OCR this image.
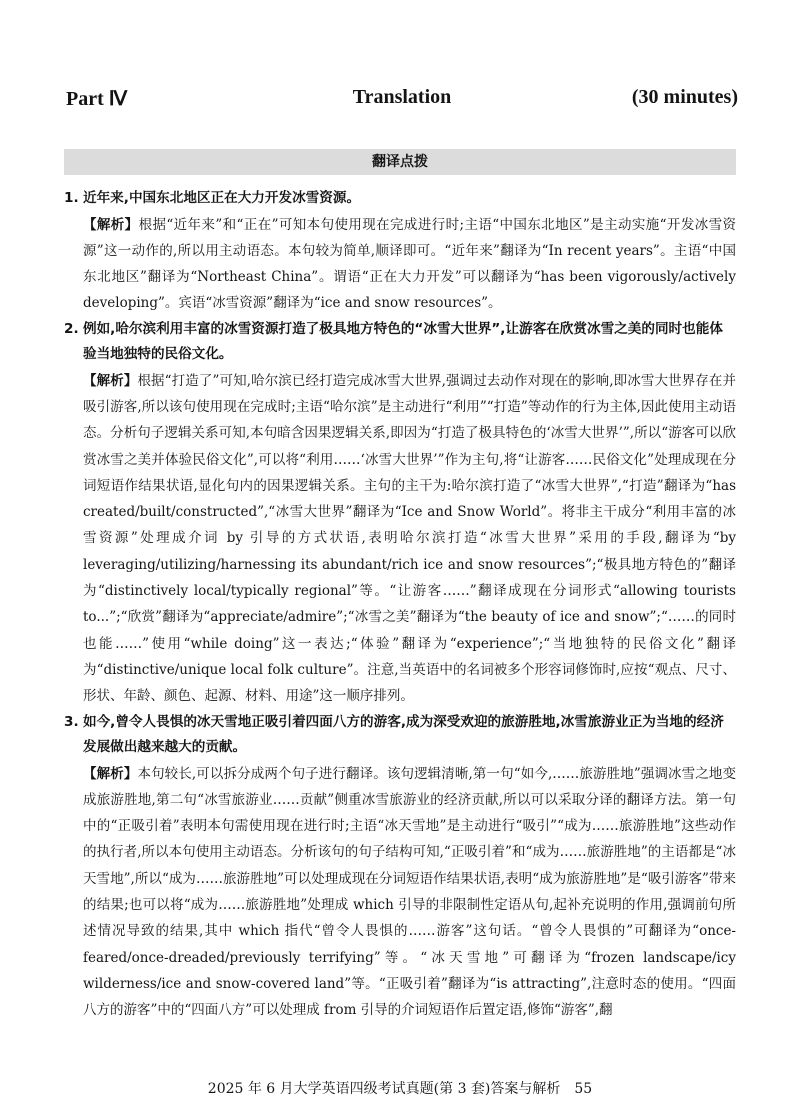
Part Ⅳ	Translation	(30 minutes)
翻译点拨

1. 近年来,中国东北地区正在大力开发冰雪资源。

【解析】根据“近年来”和“正在”可知本句使用现在完成进行时;主语“中国东北地区”是主动实施“开发冰雪资源”这一动作的,所以用主动语态。本句较为简单,顺译即可。“近年来”翻译为“In recent years”。主语“中国东北地区”翻译为“Northeast China”。谓语“正在大力开发”可以翻译为“has been vigorously/actively developing”。宾语“冰雪资源”翻译为“ice and snow resources”。

2. 例如,哈尔滨利用丰富的冰雪资源打造了极具地方特色的“冰雪大世界”,让游客在欣赏冰雪之美的同时也能体验当地独特的民俗文化。

【解析】根据“打造了”可知,哈尔滨已经打造完成冰雪大世界,强调过去动作对现在的影响,即冰雪大世界存在并吸引游客,所以该句使用现在完成时;主语“哈尔滨”是主动进行“利用”“打造”等动作的行为主体,因此使用主动语态。分析句子逻辑关系可知,本句暗含因果逻辑关系,即因为“打造了极具特色的‘冰雪大世界’”,所以“游客可以欣赏冰雪之美并体验民俗文化”,可以将“利用……‘冰雪大世界’”作为主句,将“让游客……民俗文化”处理成现在分词短语作结果状语,显化句内的因果逻辑关系。主句的主干为:哈尔滨打造了“冰雪大世界”,“打造”翻译为“has created/built/constructed”,“冰雪大世界”翻译为“Ice and Snow World”。将非主干成分“利用丰富的冰雪资源”处理成介词 by 引导的方式状语,表明哈尔滨打造“冰雪大世界”采用的手段,翻译为“by leveraging/utilizing/harnessing its abundant/rich ice and snow resources”;“极具地方特色的”翻译为“distinctively local/typically regional”等。“让游客……”翻译成现在分词形式“allowing tourists to...”;“欣赏”翻译为“appreciate/admire”;“冰雪之美”翻译为“the beauty of ice and snow”;“……的同时也能……”使用“while doing”这一表达;“体验”翻译为“experience”;“当地独特的民俗文化”翻译为“distinctive/unique local folk culture”。注意,当英语中的名词被多个形容词修饰时,应按“观点、尺寸、形状、年龄、颜色、起源、材料、用途”这一顺序排列。

3. 如今,曾令人畏惧的冰天雪地正吸引着四面八方的游客,成为深受欢迎的旅游胜地,冰雪旅游业正为当地的经济发展做出越来越大的贡献。

【解析】本句较长,可以拆分成两个句子进行翻译。该句逻辑清晰,第一句“如今,……旅游胜地”强调冰雪之地变成旅游胜地,第二句“冰雪旅游业……贡献”侧重冰雪旅游业的经济贡献,所以可以采取分译的翻译方法。第一句中的“正吸引着”表明本句需使用现在进行时;主语“冰天雪地”是主动进行“吸引”“成为……旅游胜地”这些动作的执行者,所以本句使用主动语态。分析该句的句子结构可知,“正吸引着”和“成为……旅游胜地”的主语都是“冰天雪地”,所以“成为……旅游胜地”可以处理成现在分词短语作结果状语,表明“成为旅游胜地”是“吸引游客”带来的结果;也可以将“成为……旅游胜地”处理成 which 引导的非限制性定语从句,起补充说明的作用,强调前句所述情况导致的结果,其中 which 指代“曾令人畏惧的……游客”这句话。“曾令人畏惧的”可翻译为“once-feared/once-dreaded/previously terrifying”等。“冰天雪地”可翻译为“frozen landscape/icy wilderness/ice and snow-covered land”等。“正吸引着”翻译为“is attracting”,注意时态的使用。“四面八方的游客”中的“四面八方”可以处理成 from 引导的介词短语作后置定语,修饰“游客”,翻

2025 年 6 月大学英语四级考试真题(第 3 套)答案与解析　55
